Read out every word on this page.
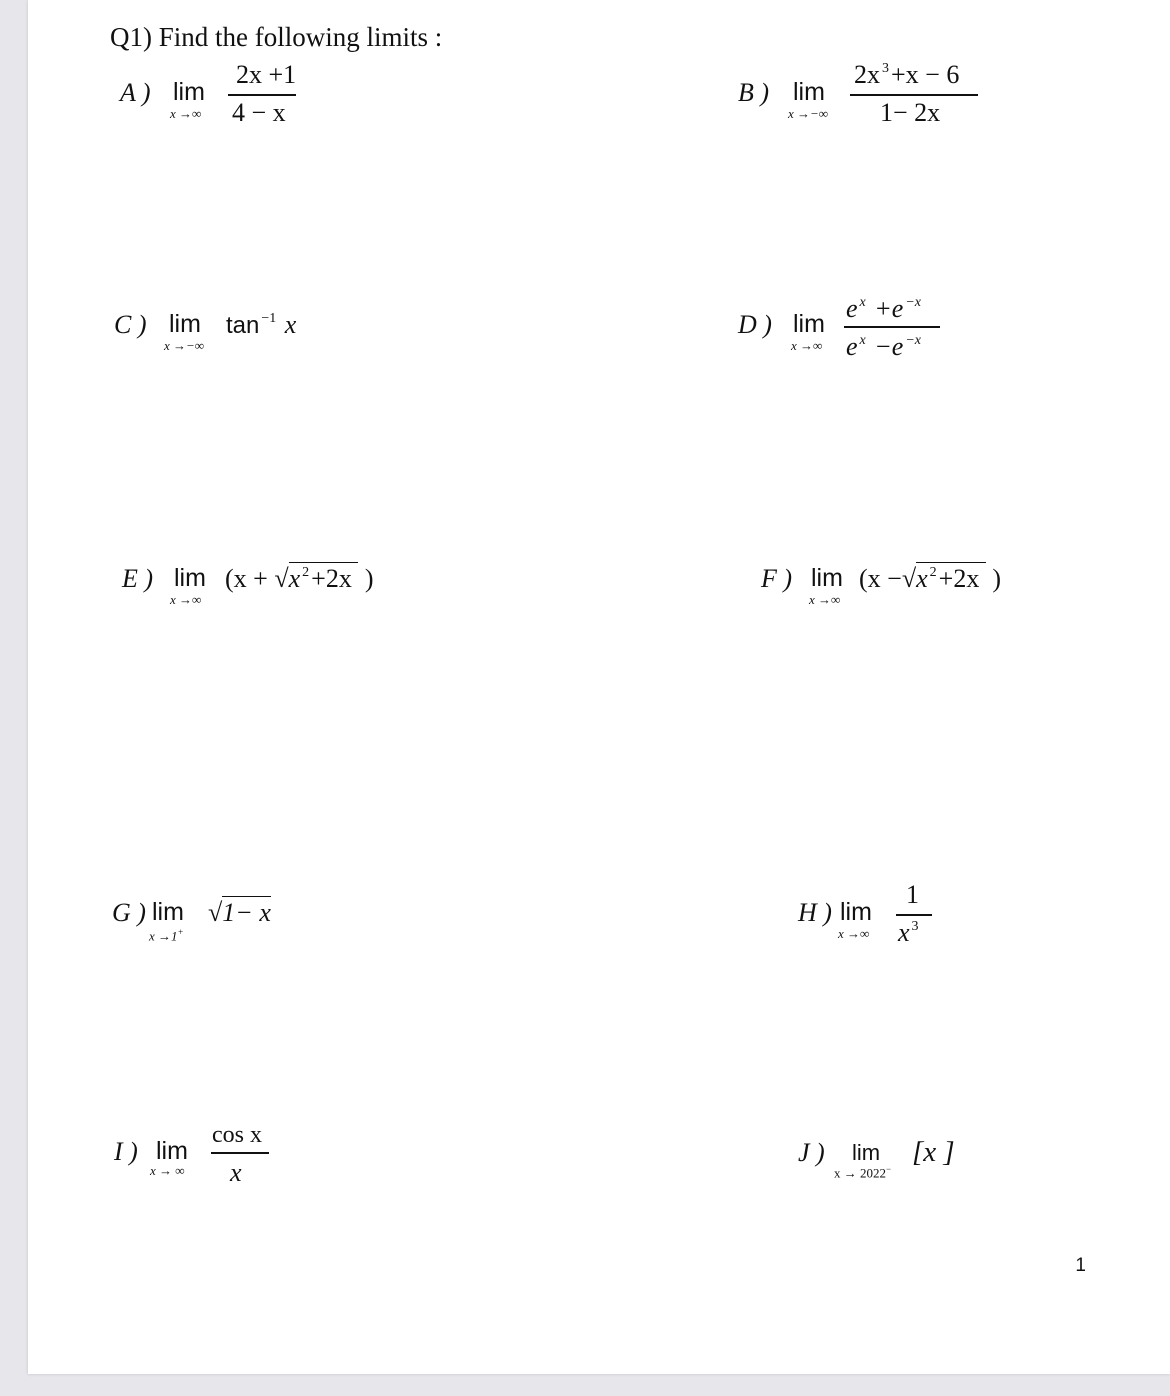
Q1) Find the following limits :
A ) lim
x →∞
2x +1
4 − x
B ) lim
x →−∞
2x $^3$+x − 6
1− 2x
C ) lim
x →−∞
tan $^{-1}$ x	D ) lim
x →∞
e $^x$ +e $^{-x}$
e $^x$ −e $^{-x}$
E ) lim
x →∞
(x + √x $^2$+2x )	F ) lim
x →∞
(x −√x $^2$+2x )
G ) lim
x →1+
√1− x	H ) lim
x →∞
1
x $^3$
I ) lim
x → ∞
cos x
x
J ) lim
x → 2022−
[x ]
1
